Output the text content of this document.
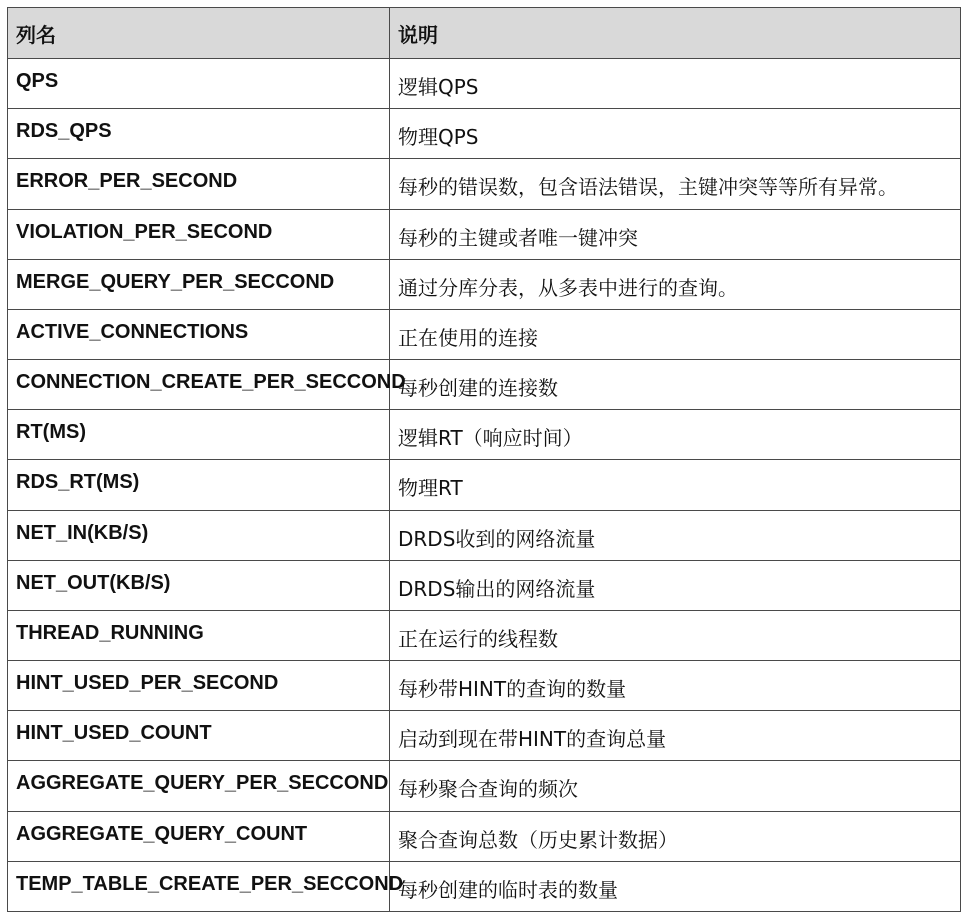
列名	说明
QPS	逻辑QPS
RDS_QPS	物理QPS
ERROR_PER_SECOND	每秒的错误数，包含语法错误，主键冲突等等所有异常。
VIOLATION_PER_SECOND	每秒的主键或者唯一键冲突
MERGE_QUERY_PER_SECCOND	通过分库分表，从多表中进行的查询。
ACTIVE_CONNECTIONS	正在使用的连接
CONNECTION_CREATE_PER_SECCOND	每秒创建的连接数
RT(MS)	逻辑RT（响应时间）
RDS_RT(MS)	物理RT
NET_IN(KB/S)	DRDS收到的网络流量
NET_OUT(KB/S)	DRDS输出的网络流量
THREAD_RUNNING	正在运行的线程数
HINT_USED_PER_SECOND	每秒带HINT的查询的数量
HINT_USED_COUNT	启动到现在带HINT的查询总量
AGGREGATE_QUERY_PER_SECCOND	每秒聚合查询的频次
AGGREGATE_QUERY_COUNT	聚合查询总数（历史累计数据）
TEMP_TABLE_CREATE_PER_SECCOND	每秒创建的临时表的数量
